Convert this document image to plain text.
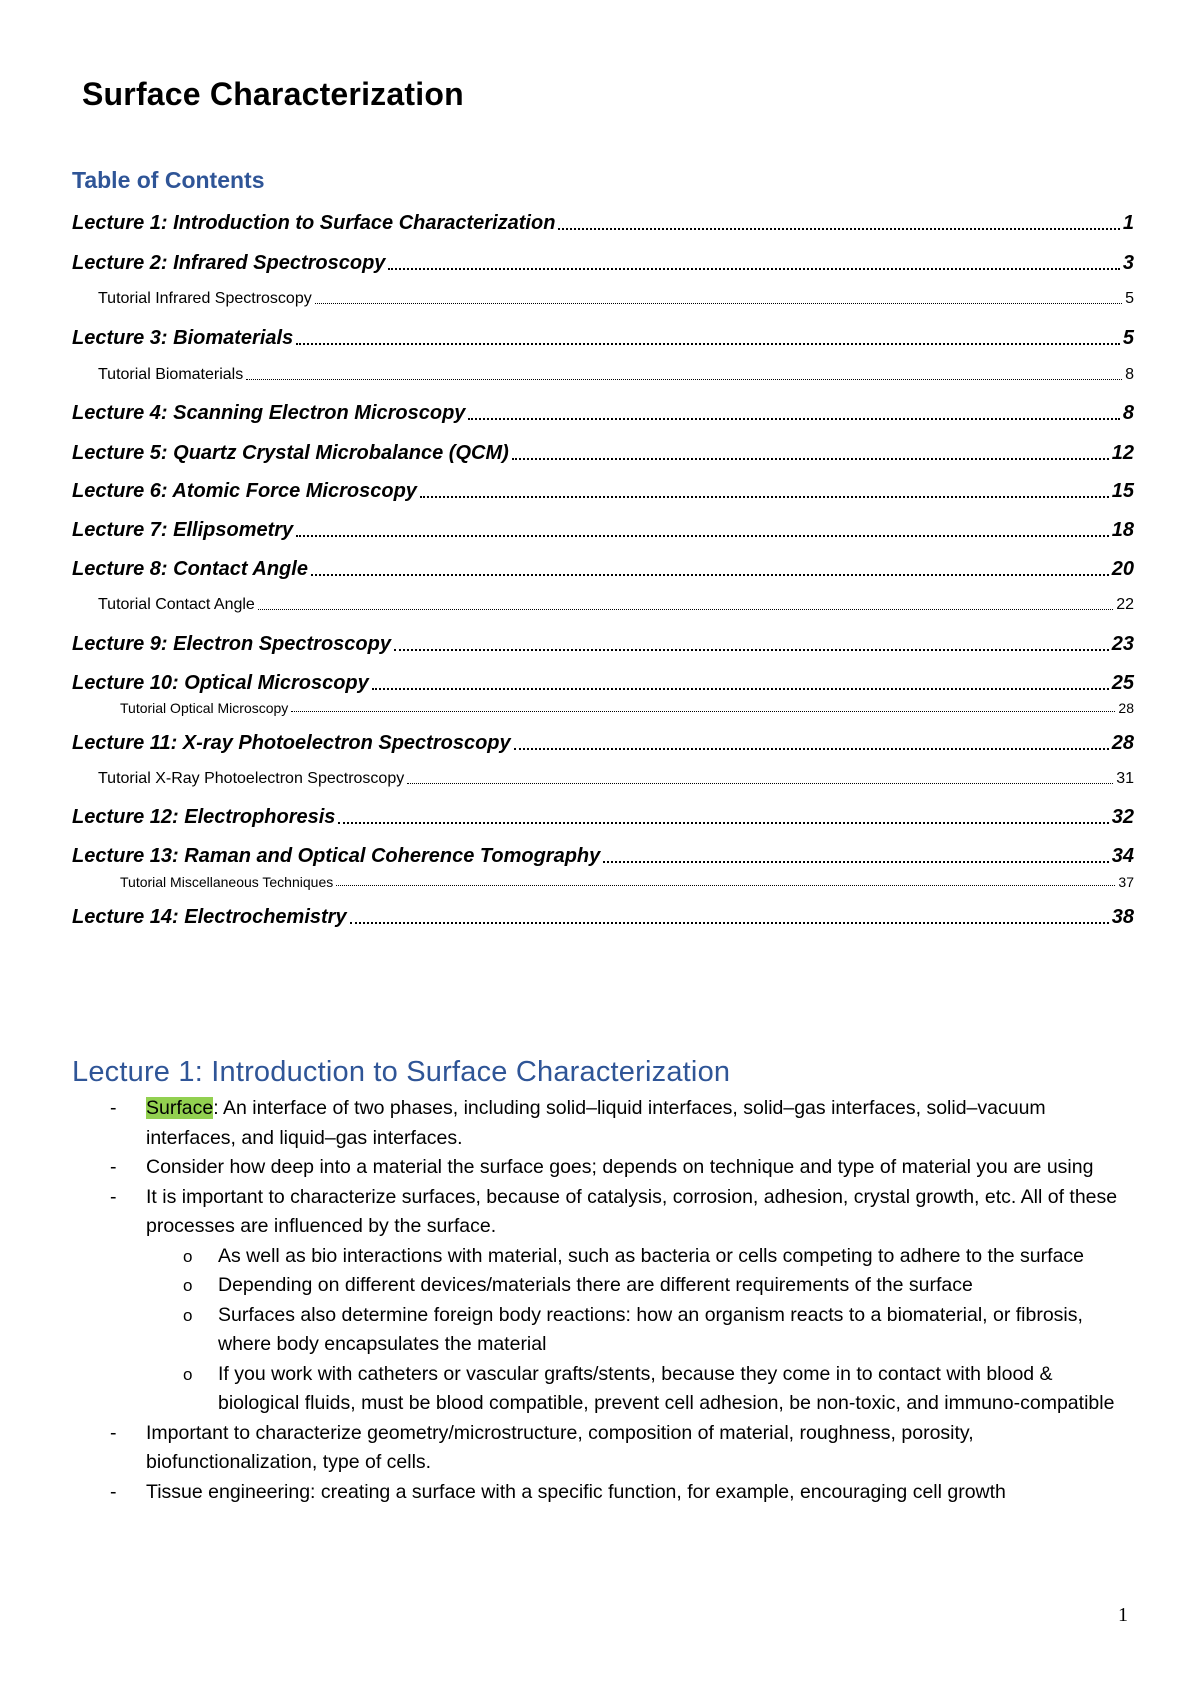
Surface Characterization
Table of Contents
Lecture 1: Introduction to Surface Characterization	1
Lecture 2: Infrared Spectroscopy	3
Tutorial Infrared Spectroscopy	5
Lecture 3: Biomaterials	5
Tutorial Biomaterials	8
Lecture 4: Scanning Electron Microscopy	8
Lecture 5: Quartz Crystal Microbalance (QCM)	12
Lecture 6: Atomic Force Microscopy	15
Lecture 7: Ellipsometry	18
Lecture 8: Contact Angle	20
Tutorial Contact Angle	22
Lecture 9: Electron Spectroscopy	23
Lecture 10: Optical Microscopy	25
Tutorial Optical Microscopy	28
Lecture 11: X-ray Photoelectron Spectroscopy	28
Tutorial X-Ray Photoelectron Spectroscopy	31
Lecture 12: Electrophoresis	32
Lecture 13: Raman and Optical Coherence Tomography	34
Tutorial Miscellaneous Techniques	37
Lecture 14: Electrochemistry	38
Lecture 1: Introduction to Surface Characterization
- Surface: An interface of two phases, including solid–liquid interfaces, solid–gas interfaces, solid–vacuum interfaces, and liquid–gas interfaces.
- Consider how deep into a material the surface goes; depends on technique and type of material you are using
- It is important to characterize surfaces, because of catalysis, corrosion, adhesion, crystal growth, etc. All of these processes are influenced by the surface.
o As well as bio interactions with material, such as bacteria or cells competing to adhere to the surface
o Depending on different devices/materials there are different requirements of the surface
o Surfaces also determine foreign body reactions: how an organism reacts to a biomaterial, or fibrosis, where body encapsulates the material
o If you work with catheters or vascular grafts/stents, because they come in to contact with blood & biological fluids, must be blood compatible, prevent cell adhesion, be non-toxic, and immuno-compatible
- Important to characterize geometry/microstructure, composition of material, roughness, porosity, biofunctionalization, type of cells.
- Tissue engineering: creating a surface with a specific function, for example, encouraging cell growth
1
